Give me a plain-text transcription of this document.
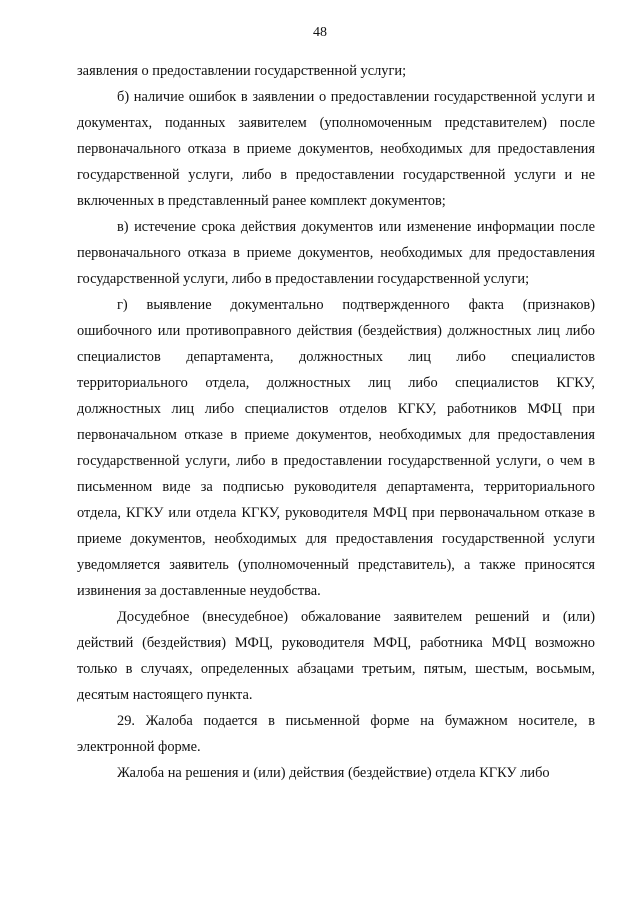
48

заявления о предоставлении государственной услуги;

б) наличие ошибок в заявлении о предоставлении государственной услуги и документах, поданных заявителем (уполномоченным представителем) после первоначального отказа в приеме документов, необходимых для предоставления государственной услуги, либо в предоставлении государственной услуги и не включенных в представленный ранее комплект документов;

в) истечение срока действия документов или изменение информации после первоначального отказа в приеме документов, необходимых для предоставления государственной услуги, либо в предоставлении государственной услуги;

г) выявление документально подтвержденного факта (признаков) ошибочного или противоправного действия (бездействия) должностных лиц либо специалистов департамента, должностных лиц либо специалистов территориального отдела, должностных лиц либо специалистов КГКУ, должностных лиц либо специалистов отделов КГКУ, работников МФЦ при первоначальном отказе в приеме документов, необходимых для предоставления государственной услуги, либо в предоставлении государственной услуги, о чем в письменном виде за подписью руководителя департамента, территориального отдела, КГКУ или отдела КГКУ, руководителя МФЦ при первоначальном отказе в приеме документов, необходимых для предоставления государственной услуги уведомляется заявитель (уполномоченный представитель), а также приносятся извинения за доставленные неудобства.

Досудебное (внесудебное) обжалование заявителем решений и (или) действий (бездействия) МФЦ, руководителя МФЦ, работника МФЦ возможно только в случаях, определенных абзацами третьим, пятым, шестым, восьмым, десятым настоящего пункта.

29. Жалоба подается в письменной форме на бумажном носителе, в электронной форме.

Жалоба на решения и (или) действия (бездействие) отдела КГКУ либо
